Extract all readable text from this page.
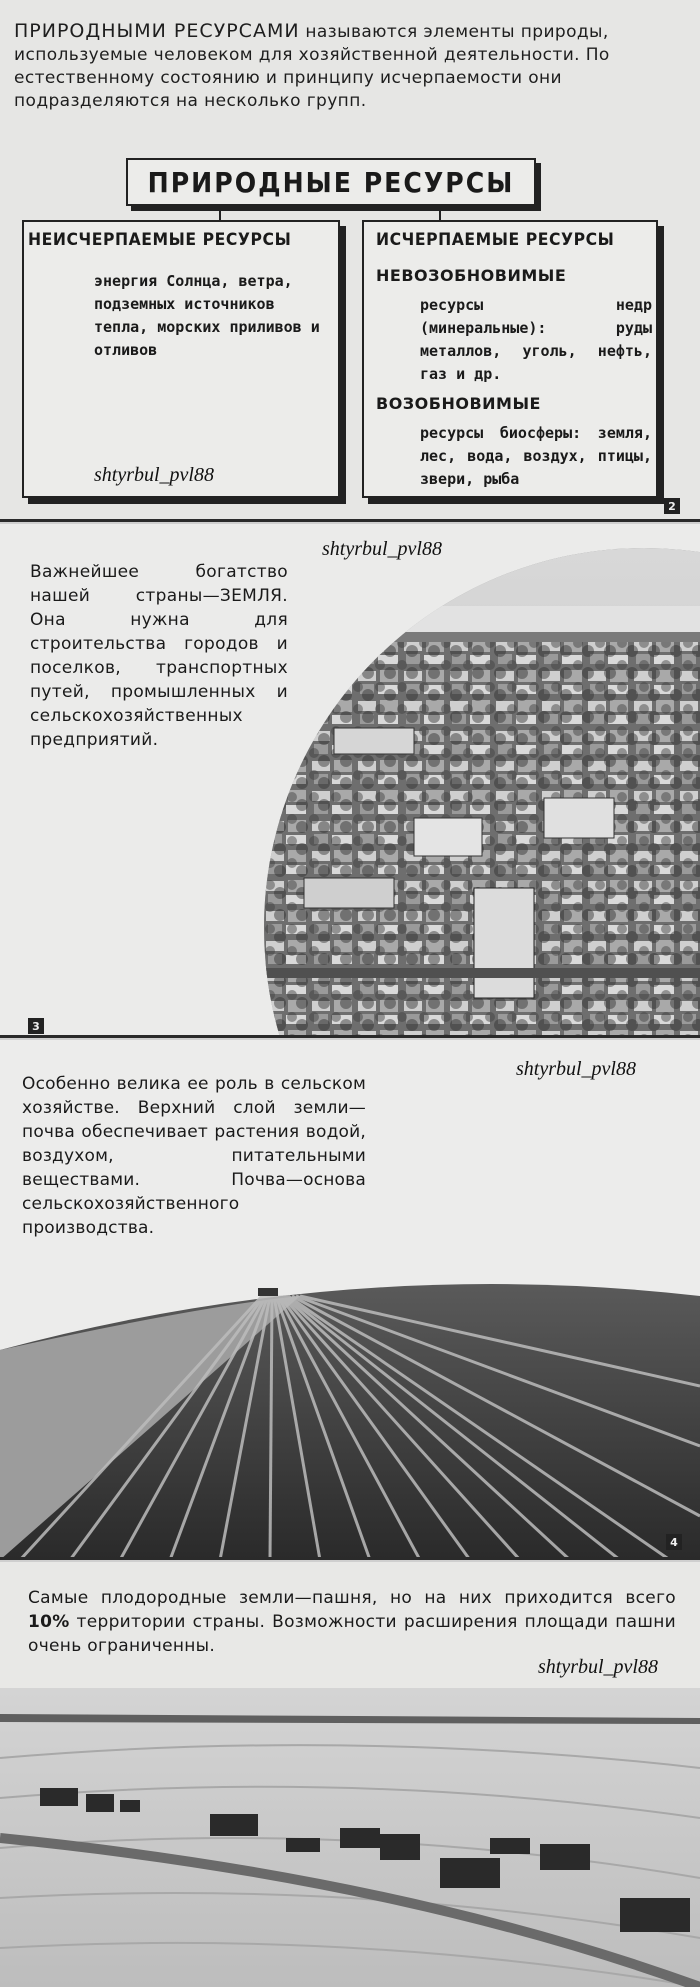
ПРИРОДНЫМИ РЕСУРСАМИ называются элементы природы, используемые человеком для хозяйственной деятельности. По естественному состоянию и принципу исчерпаемости они подразделяются на несколько групп.

ПРИРОДНЫЕ РЕСУРСЫ
НЕИСЧЕРПАЕМЫЕ РЕСУРСЫ
энергия Солнца, ветра, подземных источников тепла, морских приливов и отливов
shtyrbul_pvl88
ИСЧЕРПАЕМЫЕ РЕСУРСЫ
НЕВОЗОБНОВИМЫЕ
ресурсы недр (минеральные): руды металлов, уголь, нефть, газ и др.
ВОЗОБНОВИМЫЕ
ресурсы биосферы: земля, лес, вода, воздух, птицы, звери, рыба
2

Важнейшее богатство нашей страны—ЗЕМЛЯ. Она нужна для строительства городов и поселков, транспортных путей, промышленных и сельскохозяйственных предприятий.

shtyrbul_pvl88
3

Особенно велика ее роль в сельском хозяйстве. Верхний слой земли—почва обеспечивает растения водой, воздухом, питательными веществами. Почва—основа сельскохозяйственного производства.

shtyrbul_pvl88
4

Самые плодородные земли—пашня, но на них приходится всего 10% территории страны. Возможности расширения площади пашни очень ограниченны.

shtyrbul_pvl88
